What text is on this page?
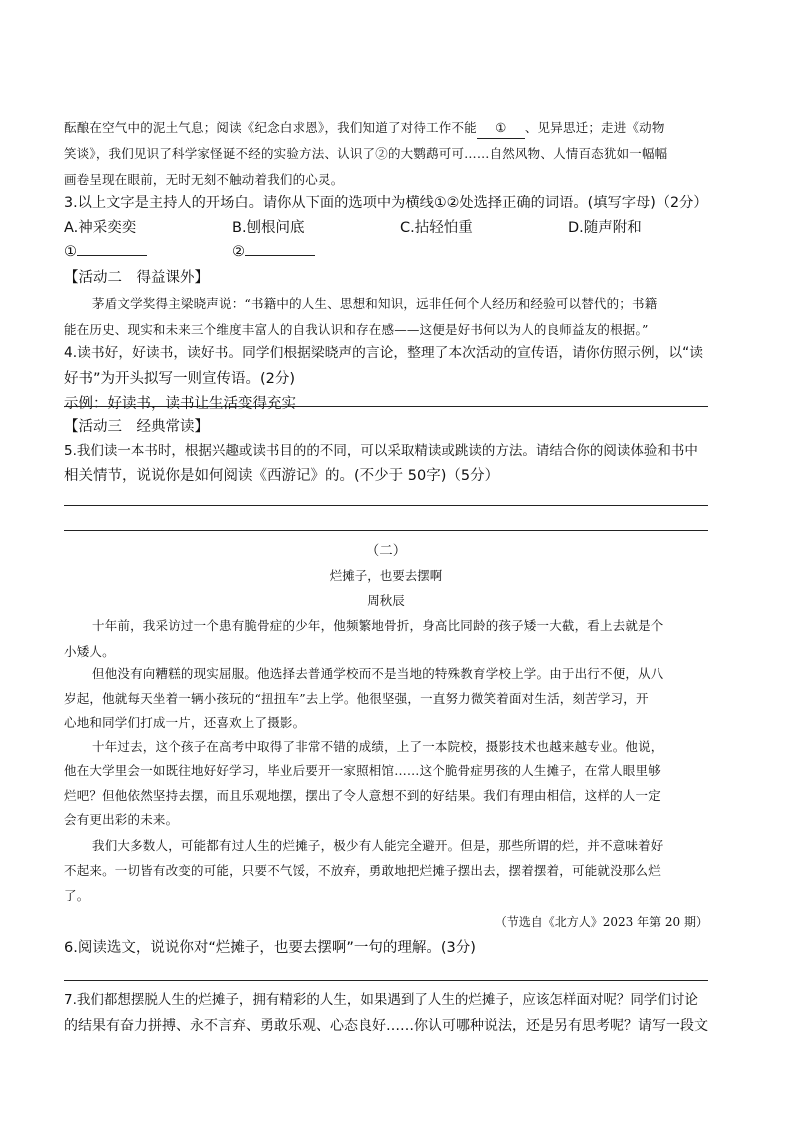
酝酿在空气中的泥土气息；阅读《纪念白求恩》，我们知道了对待工作不能 ① 、见异思迁；走进《动物
笑谈》，我们见识了科学家怪诞不经的实验方法、认识了②的大鹦鹉可可……自然风物、人情百态犹如一幅幅
画卷呈现在眼前，无时无刻不触动着我们的心灵。
3.以上文字是主持人的开场白。请你从下面的选项中为横线①②处选择正确的词语。(填写字母)（2分）
A.神采奕奕	B.刨根问底	C.拈轻怕重	D.随声附和
①	②
【活动二　得益课外】
茅盾文学奖得主梁晓声说：“书籍中的人生、思想和知识，远非任何个人经历和经验可以替代的；书籍
能在历史、现实和未来三个维度丰富人的自我认识和存在感——这便是好书何以为人的良师益友的根据。”
4.读书好，好读书，读好书。同学们根据梁晓声的言论，整理了本次活动的宣传语，请你仿照示例，以“读
好书”为开头拟写一则宣传语。(2分)
示例：好读书，读书让生活变得充实
【活动三　经典常读】
5.我们读一本书时，根据兴趣或读书目的的不同，可以采取精读或跳读的方法。请结合你的阅读体验和书中
相关情节，说说你是如何阅读《西游记》的。(不少于 50字)（5分）
（二）
烂摊子，也要去摆啊
周秋辰
十年前，我采访过一个患有脆骨症的少年，他频繁地骨折，身高比同龄的孩子矮一大截，看上去就是个
小矮人。
但他没有向糟糕的现实屈服。他选择去普通学校而不是当地的特殊教育学校上学。由于出行不便，从八
岁起，他就每天坐着一辆小孩玩的“扭扭车”去上学。他很坚强，一直努力微笑着面对生活，刻苦学习，开
心地和同学们打成一片，还喜欢上了摄影。
十年过去，这个孩子在高考中取得了非常不错的成绩，上了一本院校，摄影技术也越来越专业。他说，
他在大学里会一如既往地好好学习，毕业后要开一家照相馆……这个脆骨症男孩的人生摊子，在常人眼里够
烂吧？但他依然坚持去摆，而且乐观地摆，摆出了令人意想不到的好结果。我们有理由相信，这样的人一定
会有更出彩的未来。
我们大多数人，可能都有过人生的烂摊子，极少有人能完全避开。但是，那些所谓的烂，并不意味着好
不起来。一切皆有改变的可能，只要不气馁，不放弃，勇敢地把烂摊子摆出去，摆着摆着，可能就没那么烂
了。
（节选自《北方人》2023 年第 20 期）
6.阅读选文，说说你对“烂摊子，也要去摆啊”一句的理解。(3分)
7.我们都想摆脱人生的烂摊子，拥有精彩的人生，如果遇到了人生的烂摊子，应该怎样面对呢？同学们讨论
的结果有奋力拼搏、永不言弃、勇敢乐观、心态良好……你认可哪种说法，还是另有思考呢？请写一段文
